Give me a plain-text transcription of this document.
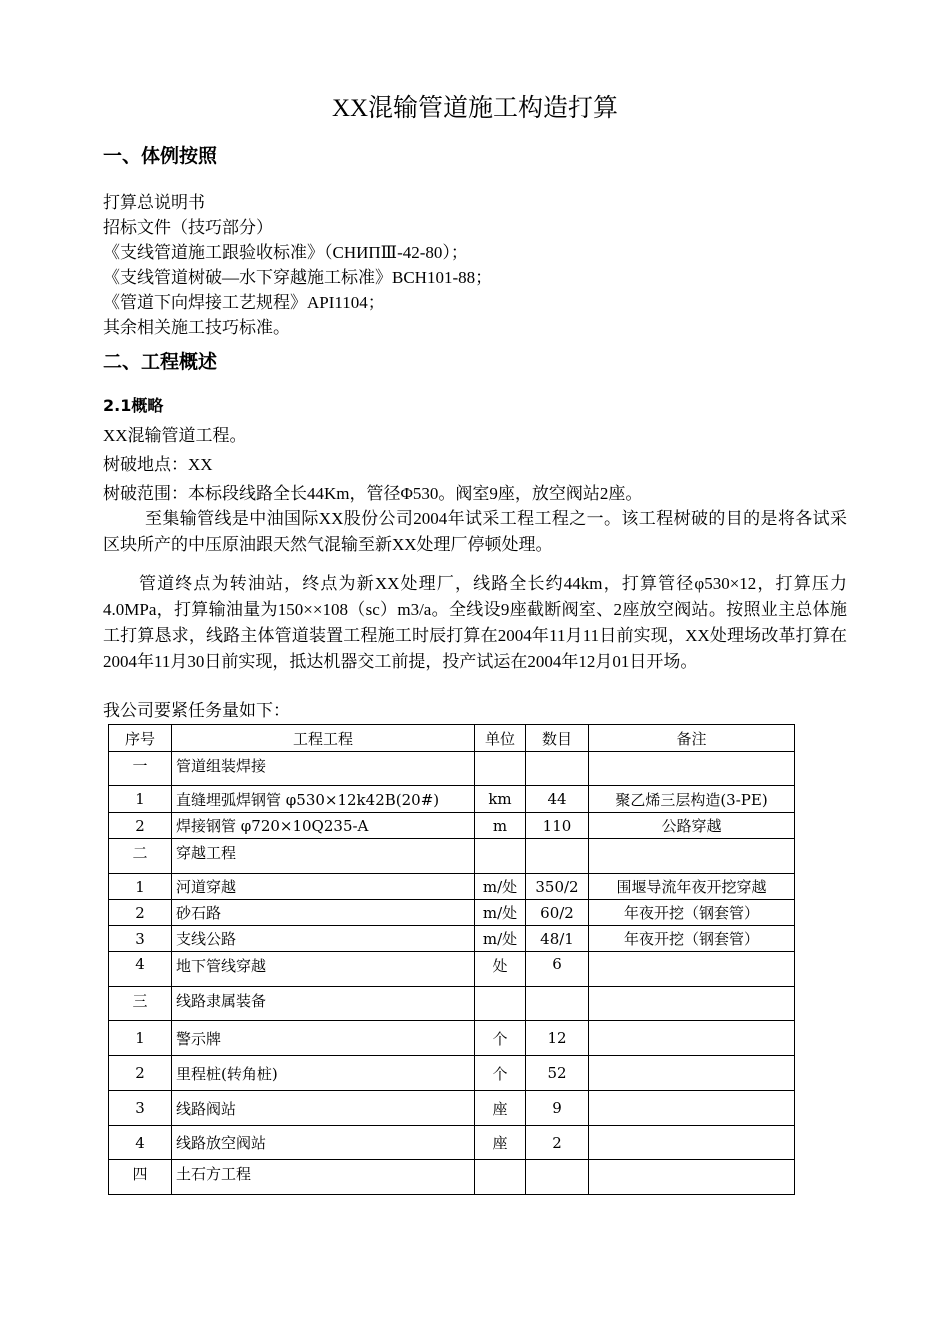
XX混输管道施工构造打算
一、体例按照
打算总说明书
招标文件（技巧部分）
《支线管道施工跟验收标准》（СНИПⅢ-42-80）；
《支线管道树破—水下穿越施工标准》ВСН101-88；
《管道下向焊接工艺规程》API1104；
其余相关施工技巧标准。
二、工程概述
2.1概略
XX混输管道工程。
树破地点：XX
树破范围：本标段线路全长44Km，管径Φ530。阀室9座，放空阀站2座。
至集输管线是中油国际XX股份公司2004年试采工程工程之一。该工程树破的目的是将各试采区块所产的中压原油跟天然气混输至新XX处理厂停顿处理。
管道终点为转油站，终点为新XX处理厂，线路全长约44km，打算管径φ530×12，打算压力4.0MPa，打算输油量为150××108（sc）m3/a。全线设9座截断阀室、2座放空阀站。按照业主总体施工打算恳求，线路主体管道装置工程施工时辰打算在2004年11月11日前实现，XX处理场改革打算在2004年11月30日前实现，抵达机器交工前提，投产试运在2004年12月01日开场。
我公司要紧任务量如下：
序号	工程工程	单位	数目	备注
一	管道组装焊接			
1	直缝埋弧焊钢管 φ530×12k42B(20#)	km	44	聚乙烯三层构造(3-PE)
2	焊接钢管 φ720×10Q235-A	m	110	公路穿越
二	穿越工程			
1	河道穿越	m/处	350/2	围堰导流年夜开挖穿越
2	砂石路	m/处	60/2	年夜开挖（钢套管）
3	支线公路	m/处	48/1	年夜开挖（钢套管）
4	地下管线穿越	处	6	
三	线路隶属装备			
1	警示牌	个	12	
2	里程桩(转角桩)	个	52	
3	线路阀站	座	9	
4	线路放空阀站	座	2	
四	土石方工程			
